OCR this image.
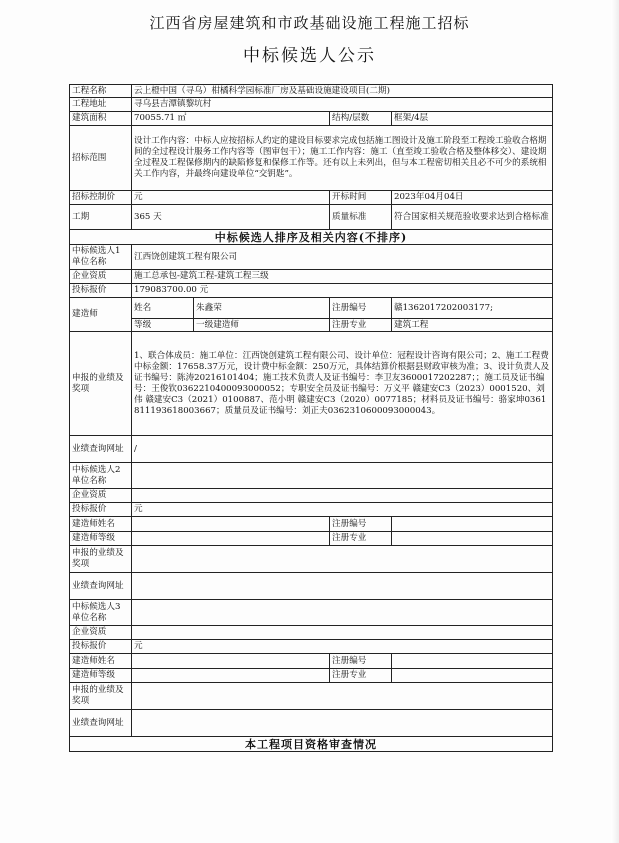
江西省房屋建筑和市政基础设施工程施工招标
中标候选人公示
工程名称	云上橙中国（寻乌）柑橘科学园标准厂房及基础设施建设项目(二期)			
工程地址	寻乌县吉潭镇黎坑村			
建筑面积	70055.71 ㎡		结构/层数	框架/4层
招标范围	设计工作内容：中标人应按招标人约定的建设目标要求完成包括施工图设计及施工阶段至工程竣工验收合格期间的全过程设计服务工作内容等（图审包干）；施工工作内容：施工（直至竣工验收合格及整体移交）、建设期全过程及工程保修期内的缺陷修复和保修工作等。还有以上未列出，但与本工程密切相关且必不可少的系统相关工作内容，并最终向建设单位“交钥匙”。			
招标控制价	元		开标时间	2023年04月04日
工期	365 天		质量标准	符合国家相关规范验收要求达到合格标准
中标候选人排序及相关内容(不排序)				
中标候选人1单位名称	江西饶创建筑工程有限公司			
企业资质	施工总承包-建筑工程-建筑工程三级			
投标报价	179083700.00 元			
建造师	姓名	朱鑫荣	注册编号	赣1362017202003177;
	等级	一级建造师	注册专业	建筑工程
申报的业绩及奖项	1、联合体成员：施工单位：江西饶创建筑工程有限公司、设计单位：冠程设计咨询有限公司；2、施工工程费中标金额：17658.37万元，设计费中标金额：250万元，具体结算价根据县财政审核为准；3、设计负责人及证书编号：陈涛20216101404；施工技术负责人及证书编号：李卫友3600017202287；；施工员及证书编号：王俊钦0362210400093000052；专职安全员及证书编号：万义平 赣建安C3（2023）0001520、刘伟 赣建安C3（2021）0100887、范小明 赣建安C3（2020）0077185；材料员及证书编号：骆家坤0361811193618003667；质量员及证书编号：刘正夫0362310600093000043。			
业绩查询网址	/			
中标候选人2单位名称				
企业资质				
投标报价	元			
建造师姓名			注册编号	
建造师等级			注册专业	
申报的业绩及奖项				
业绩查询网址				
中标候选人3单位名称				
企业资质				
投标报价	元			
建造师姓名			注册编号	
建造师等级			注册专业	
申报的业绩及奖项				
业绩查询网址				
本工程项目资格审查情况				
